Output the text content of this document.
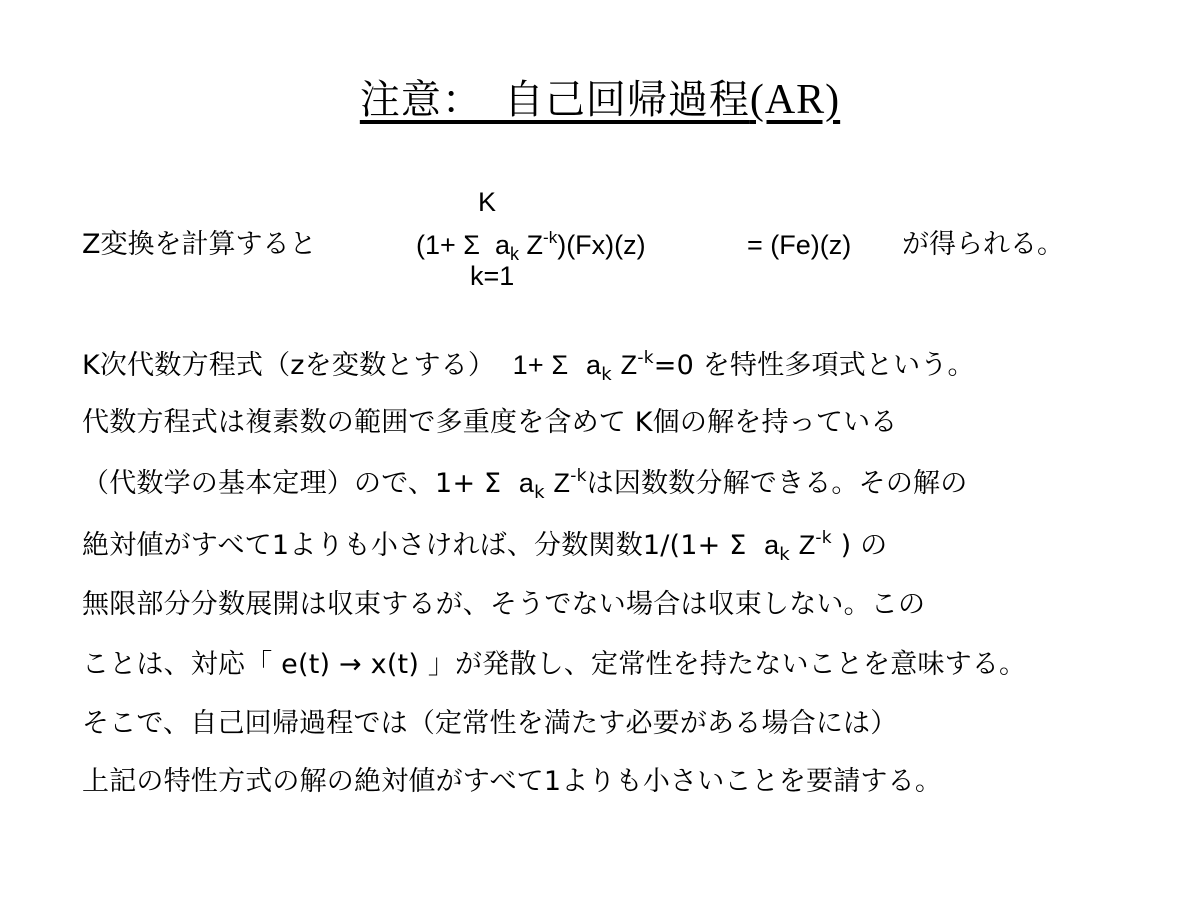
注意：　自己回帰過程(AR)
Z変換を計算すると
K
k=1
(1+ Σ $a_k$ $Z^{-k})(Fx)(z)$	= (Fe)(z) が得られる。
K次代数方程式（zを変数とする） 1+ Σ $a_k$ $Z^{-k}=0$ を特性多項式という。
代数方程式は複素数の範囲で多重度を含めて K個の解を持っている
（代数学の基本定理）ので、1+ Σ $a_k$ $Z^{-k}$は因数数分解できる。その解の
絶対値がすべて1よりも小さければ、分数関数1/(1+ Σ $a_k$ $Z^{-k}$ ) の
無限部分分数展開は収束するが、そうでない場合は収束しない。この
ことは、対応「 e(t) → x(t) 」が発散し、定常性を持たないことを意味する。
そこで、自己回帰過程では（定常性を満たす必要がある場合には）
上記の特性方式の解の絶対値がすべて1よりも小さいことを要請する。
